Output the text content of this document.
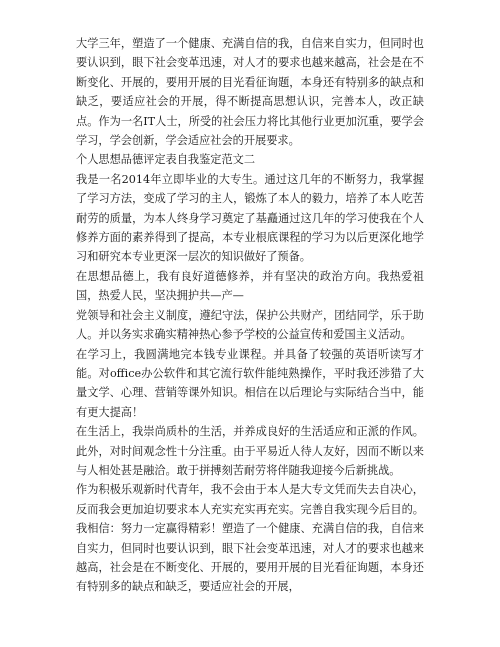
大学三年，塑造了一个健康、充满自信的我，自信来自实力，但同时也要认识到，眼下社会变革迅速，对人才的要求也越来越高，社会是在不断变化、开展的，要用开展的目光看征询题，本身还有特别多的缺点和缺乏，要适应社会的开展，得不断提高思想认识，完善本人，改正缺点。作为一名IT人士，所受的社会压力将比其他行业更加沉重，要学会学习，学会创新，学会适应社会的开展要求。

个人思想品德评定表自我鉴定范文二

我是一名2014年立即毕业的大专生。通过这几年的不断努力，我掌握了学习方法，变成了学习的主人，锻炼了本人的毅力，培养了本人吃苦耐劳的质量，为本人终身学习奠定了基矗通过这几年的学习使我在个人修养方面的素养得到了提高，本专业根底课程的学习为以后更深化地学习和研究本专业更深一层次的知识做好了预备。

在思想品德上，我有良好道德修养，并有坚决的政治方向。我热爱祖国，热爱人民，坚决拥护共—产—

党领导和社会主义制度，遵纪守法，保护公共财产，团结同学，乐于助人。并以务实求确实精神热心参予学校的公益宣传和爱国主义活动。

在学习上，我圆满地完本钱专业课程。并具备了较强的英语听读写才能。对office办公软件和其它流行软件能纯熟操作，平时我还涉猎了大量文学、心理、营销等课外知识。相信在以后理论与实际结合当中，能有更大提高！

在生活上，我崇尚质朴的生活，并养成良好的生活适应和正派的作风。此外，对时间观念性十分注重。由于平易近人待人友好，因而不断以来与人相处甚是融洽。敢于拼搏刻苦耐劳将伴随我迎接今后新挑战。

作为积极乐观新时代青年，我不会由于本人是大专文凭而失去自决心，反而我会更加迫切要求本人充实充实再充实。完善自我实现今后目的。我相信：努力一定赢得精彩！塑造了一个健康、充满自信的我，自信来自实力，但同时也要认识到，眼下社会变革迅速，对人才的要求也越来越高，社会是在不断变化、开展的，要用开展的目光看征询题，本身还有特别多的缺点和缺乏，要适应社会的开展，
